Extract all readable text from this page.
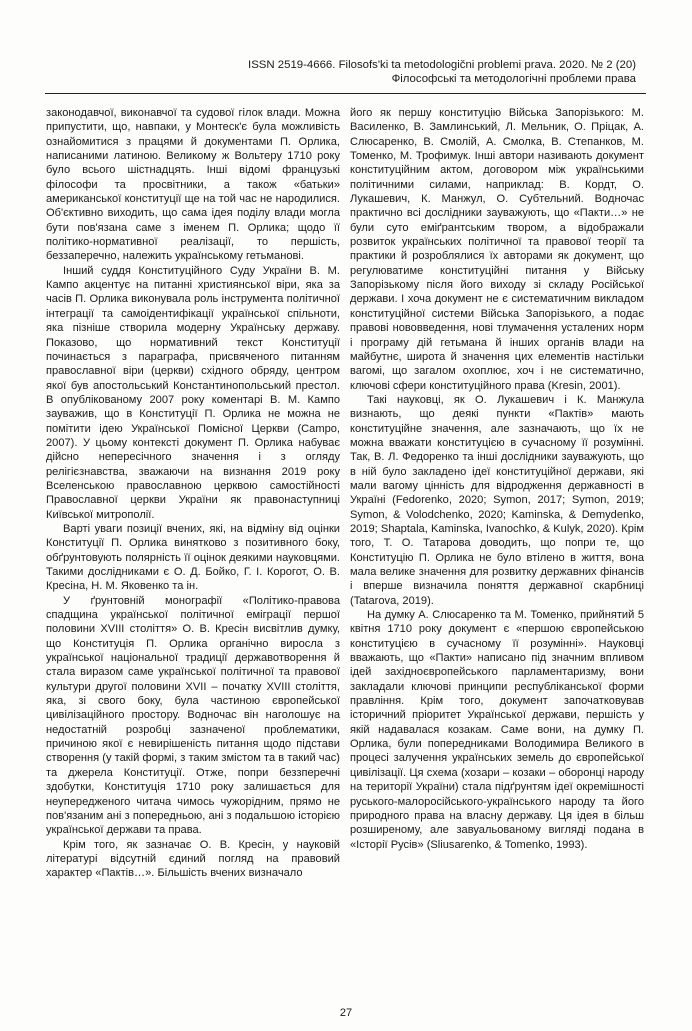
ISSN 2519-4666. Filosofs'ki ta metodologični problemi prava. 2020. № 2 (20)
Філософські та методологічні проблеми права

законодавчої, виконавчої та судової гілок влади. Можна припустити, що, навпаки, у Монтеск'є була можливість ознайомитися з працями й документами П. Орлика, написаними латиною. Великому ж Вольтеру 1710 року було всього шістнадцять. Інші відомі французькі філософи та просвітники, а також «батьки» американської конституції ще на той час не народилися. Об'єктивно виходить, що сама ідея поділу влади могла бути пов'язана саме з іменем П. Орлика; щодо її політико-нормативної реалізації, то першість, беззаперечно, належить українському гетьманові.

Інший суддя Конституційного Суду України В. М. Кампо акцентує на питанні християнської віри, яка за часів П. Орлика виконувала роль інструмента політичної інтеграції та самоідентифікації української спільноти, яка пізніше створила модерну Українську державу. Показово, що нормативний текст Конституції починається з параграфа, присвяченого питанням православної віри (церкви) східного обряду, центром якої був апостольський Константинопольський престол. В опублікованому 2007 року коментарі В. М. Кампо зауважив, що в Конституції П. Орлика не можна не помітити ідею Української Помісної Церкви (Campo, 2007). У цьому контексті документ П. Орлика набуває дійсно непересічного значення і з огляду релігієзнавства, зважаючи на визнання 2019 року Вселенською православною церквою самостійності Православної церкви України як правонаступниці Київської митрополії.

Варті уваги позиції вчених, які, на відміну від оцінки Конституції П. Орлика винятково з позитивного боку, обґрунтовують полярність її оцінок деякими науковцями. Такими дослідниками є О. Д. Бойко, Г. І. Корогот, О. В. Кресіна, Н. М. Яковенко та ін.

У ґрунтовній монографії «Політико-правова спадщина української політичної еміграції першої половини XVIII століття» О. В. Кресін висвітлив думку, що Конституція П. Орлика органічно виросла з української національної традиції державотворення й стала виразом саме української політичної та правової культури другої половини XVII – початку XVIII століття, яка, зі свого боку, була частиною європейської цивілізаційного простору. Водночас він наголошує на недостатній розробці зазначеної проблематики, причиною якої є невирішеність питання щодо підстави створення (у такій формі, з таким змістом та в такий час) та джерела Конституції. Отже, попри беззперечні здобутки, Конституція 1710 року залишається для неупередженого читача чимось чужорідним, прямо не пов'язаним ані з попередньою, ані з подальшою історією української держави та права.

Крім того, як зазначає О. В. Кресін, у науковій літературі відсутній єдиний погляд на правовий характер «Пактів…». Більшість вчених визначало

його як першу конституцію Війська Запорізького: М. Василенко, В. Замлинський, Л. Мельник, О. Пріцак, А. Слюсаренко, В. Смолій, А. Смолка, В. Степанков, М. Томенко, М. Трофимук. Інші автори називають документ конституційним актом, договором між українськими політичними силами, наприклад: В. Кордт, О. Лукашевич, К. Манжул, О. Субтельний. Водночас практично всі дослідники зауважують, що «Пакти…» не були суто еміґрантським твором, а відображали розвиток українських політичної та правової теорії та практики й розроблялися їх авторами як документ, що регулюватиме конституційні питання у Війську Запорізькому після його виходу зі складу Російської держави. І хоча документ не є систематичним викладом конституційної системи Війська Запорізького, а подає правові нововведення, нові тлумачення усталених норм і програму дій гетьмана й інших органів влади на майбутнє, широта й значення цих елементів настільки вагомі, що загалом охоплює, хоч і не систематично, ключові сфери конституційного права (Kresin, 2001).

Такі науковці, як О. Лукашевич і К. Манжула визнають, що деякі пункти «Пактів» мають конституційне значення, але зазначають, що їх не можна вважати конституцією в сучасному її розумінні. Так, В. Л. Федоренко та інші дослідники зауважують, що в ній було закладено ідеї конституційної держави, які мали вагому цінність для відродження державності в Україні (Fedorenko, 2020; Symon, 2017; Symon, 2019; Symon, & Volodchenko, 2020; Kaminska, & Demydenko, 2019; Shaptala, Kaminska, Ivanochko, & Kulyk, 2020). Крім того, Т. О. Татарова доводить, що попри те, що Конституцію П. Орлика не було втілено в життя, вона мала велике значення для розвитку державних фінансів і вперше визначила поняття державної скарбниці (Tatarova, 2019).

На думку А. Слюсаренко та М. Томенко, прийнятий 5 квітня 1710 року документ є «першою європейською конституцією в сучасному її розумінні». Науковці вважають, що «Пакти» написано під значним впливом ідей західноєвропейського парламентаризму, вони закладали ключові принципи республіканської форми правління. Крім того, документ започатковував історичний пріоритет Української держави, першість у якій надавалася козакам. Саме вони, на думку П. Орлика, були попередниками Володимира Великого в процесі залучення українських земель до європейської цивілізації. Ця схема (хозари – козаки – оборонці народу на території України) стала підґрунтям ідеї окремішності руського-малоросійського-українського народу та його природного права на власну державу. Ця ідея в більш розширеному, але завуальованому вигляді подана в «Історії Русів» (Sliusarenko, & Tomenko, 1993).

27
